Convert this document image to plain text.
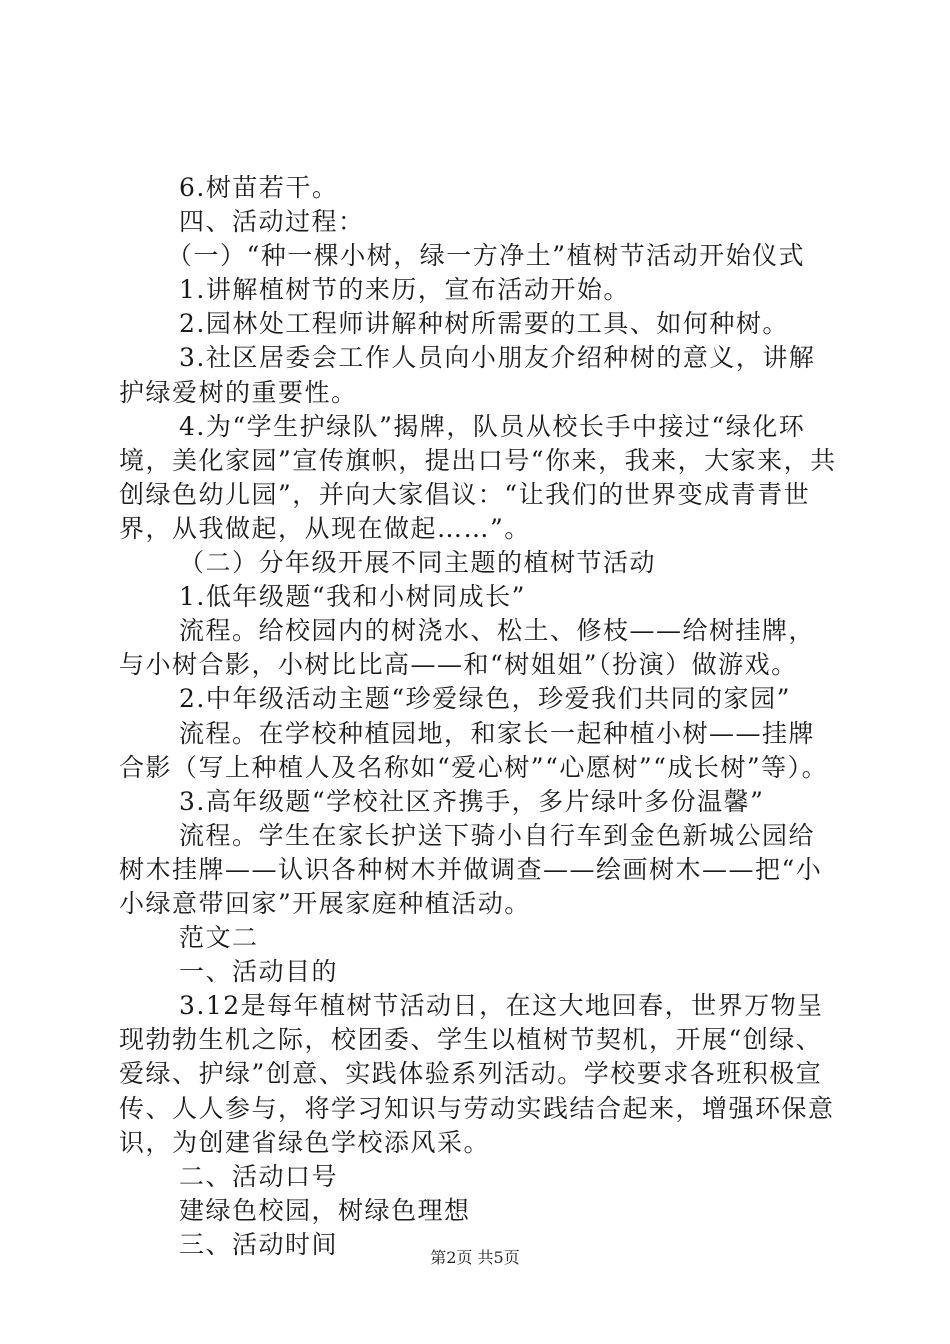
6.树苗若干。

四、活动过程：

（一）“种一棵小树，绿一方净土”植树节活动开始仪式

1.讲解植树节的来历，宣布活动开始。

2.园林处工程师讲解种树所需要的工具、如何种树。

3.社区居委会工作人员向小朋友介绍种树的意义，讲解护绿爱树的重要性。

4.为“学生护绿队”揭牌，队员从校长手中接过“绿化环境，美化家园”宣传旗帜，提出口号“你来，我来，大家来，共创绿色幼儿园”，并向大家倡议：“让我们的世界变成青青世界，从我做起，从现在做起……”。

（二）分年级开展不同主题的植树节活动

1.低年级题“我和小树同成长”

流程。给校园内的树浇水、松土、修枝——给树挂牌，与小树合影，小树比比高——和“树姐姐”（扮演）做游戏。

2.中年级活动主题“珍爱绿色，珍爱我们共同的家园”

流程。在学校种植园地，和家长一起种植小树——挂牌合影（写上种植人及名称如“爱心树”“心愿树”“成长树”等）。

3.高年级题“学校社区齐携手，多片绿叶多份温馨”

流程。学生在家长护送下骑小自行车到金色新城公园给树木挂牌——认识各种树木并做调查——绘画树木——把“小小绿意带回家”开展家庭种植活动。

范文二

一、活动目的

3.12是每年植树节活动日，在这大地回春，世界万物呈现勃勃生机之际，校团委、学生以植树节契机，开展“创绿、爱绿、护绿”创意、实践体验系列活动。学校要求各班积极宣传、人人参与，将学习知识与劳动实践结合起来，增强环保意识，为创建省绿色学校添风采。

二、活动口号

建绿色校园，树绿色理想

三、活动时间	第2页 共5页
